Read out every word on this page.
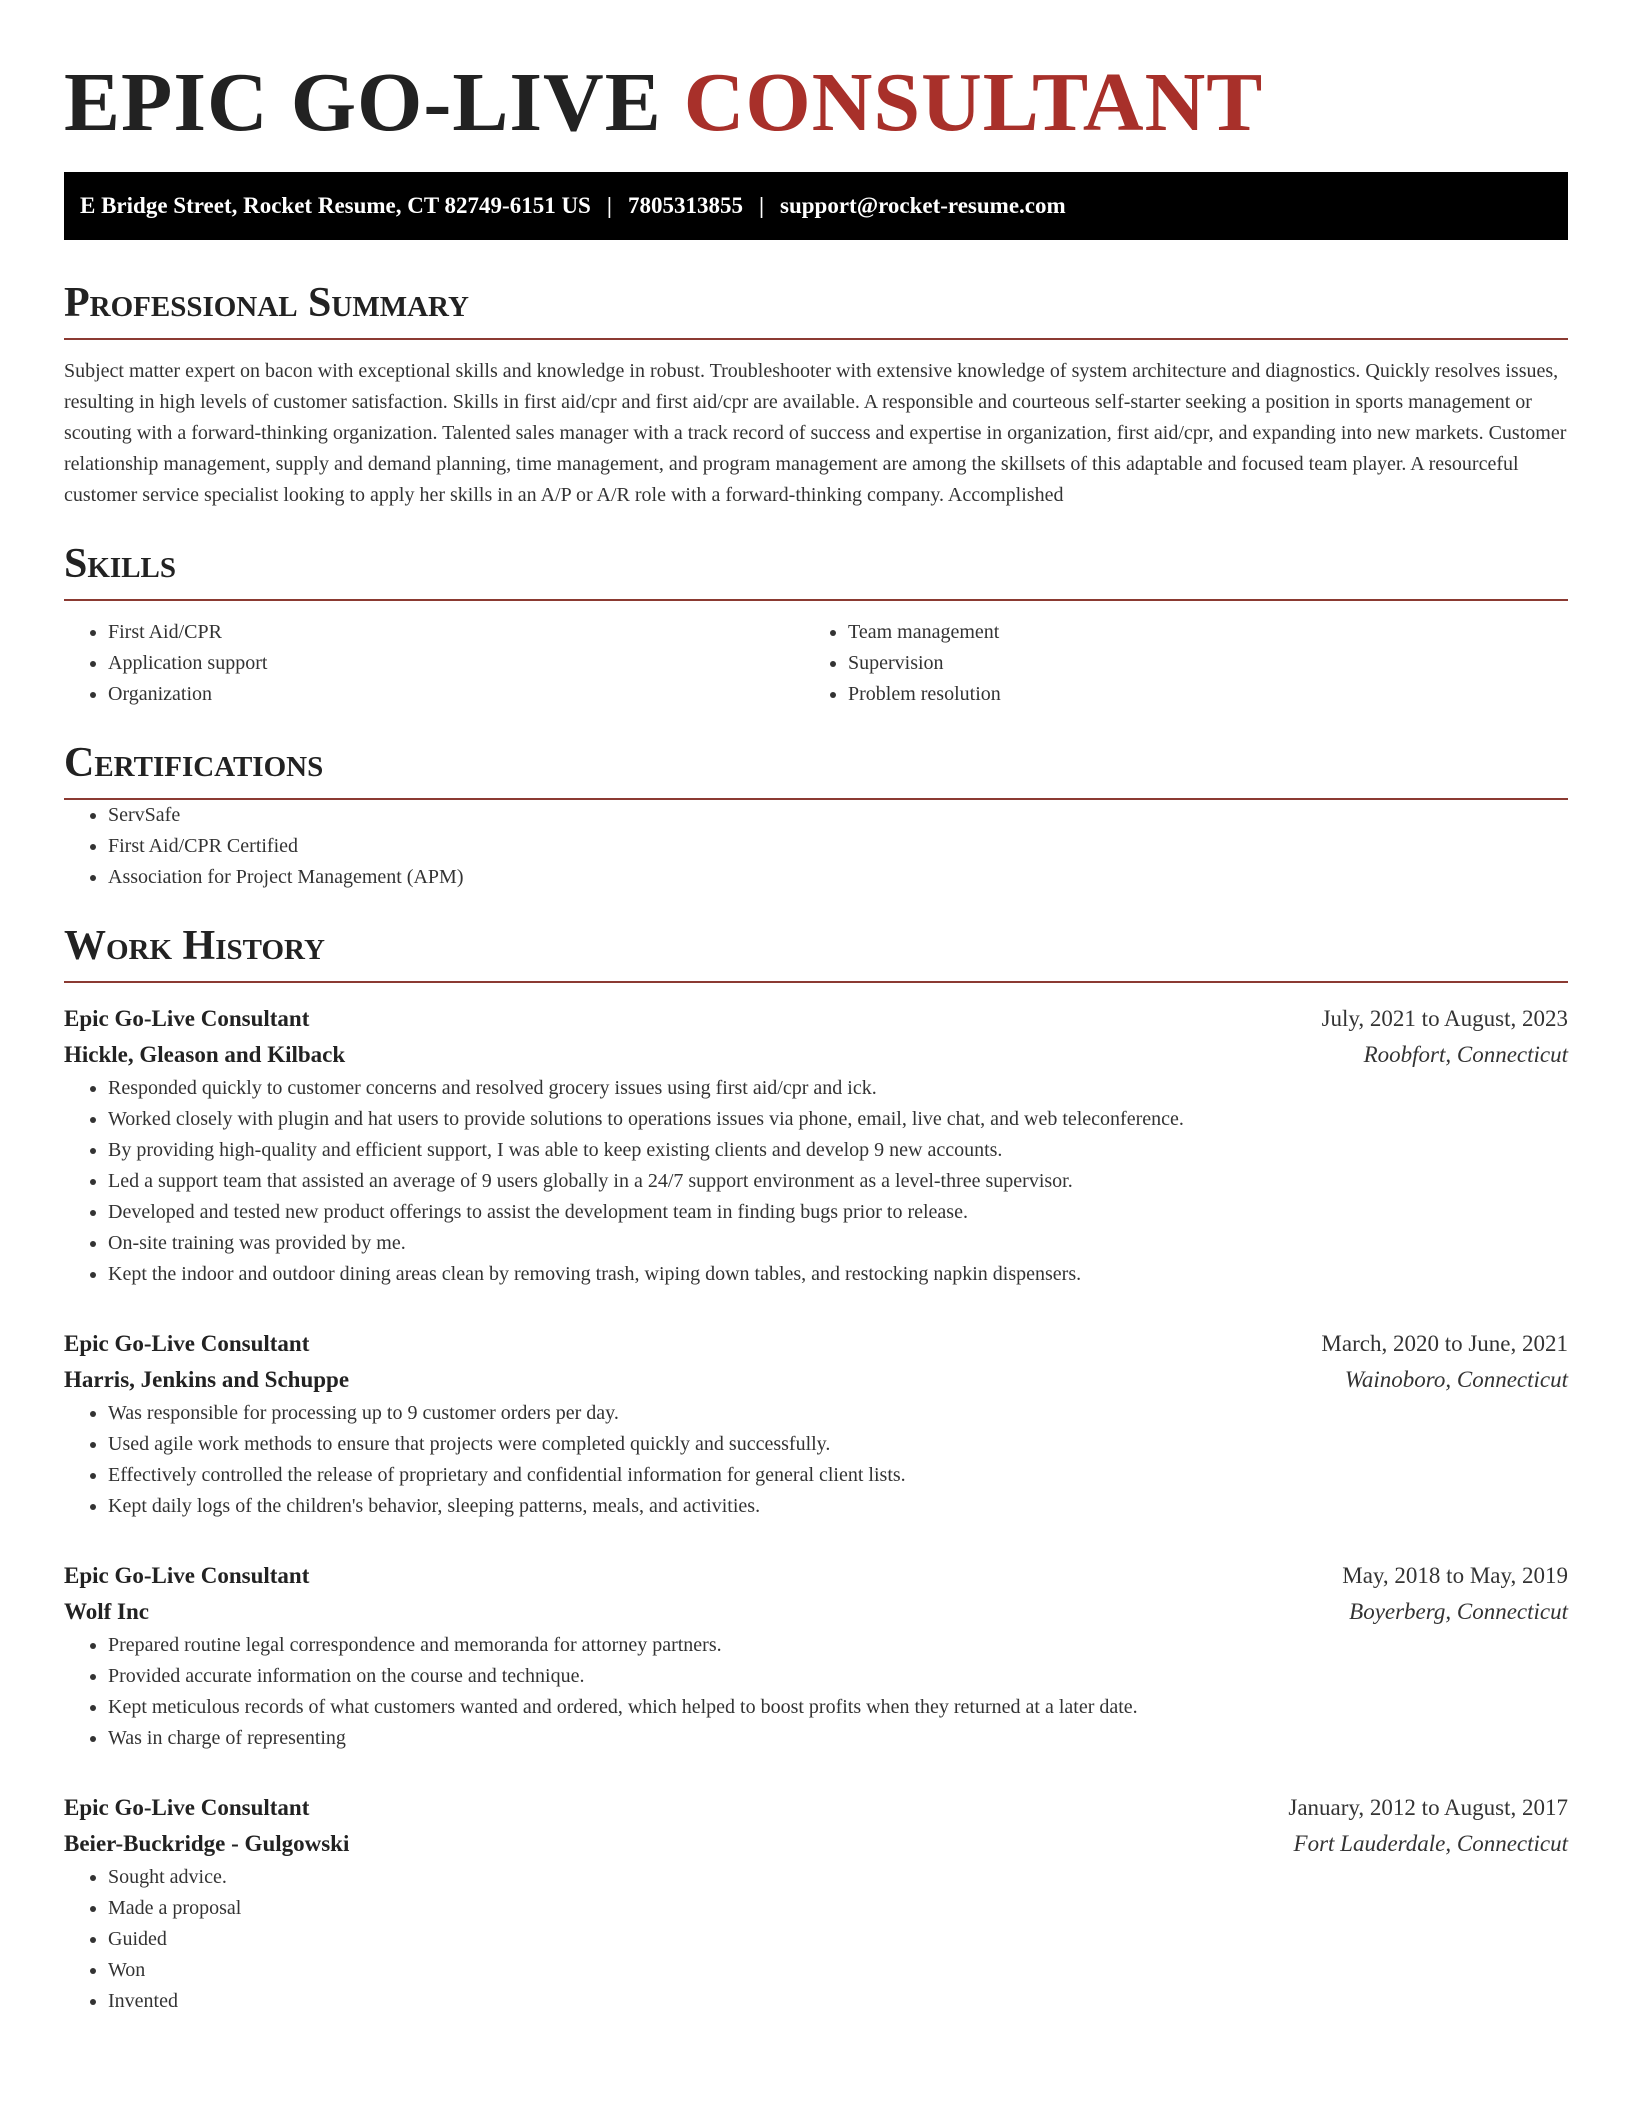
EPIC GO-LIVE CONSULTANT
E Bridge Street, Rocket Resume, CT 82749-6151 US | 7805313855 | support@rocket-resume.com
Professional Summary

Subject matter expert on bacon with exceptional skills and knowledge in robust. Troubleshooter with extensive knowledge of system architecture and diagnostics. Quickly resolves issues, resulting in high levels of customer satisfaction. Skills in first aid/cpr and first aid/cpr are available. A responsible and courteous self-starter seeking a position in sports management or scouting with a forward-thinking organization. Talented sales manager with a track record of success and expertise in organization, first aid/cpr, and expanding into new markets. Customer relationship management, supply and demand planning, time management, and program management are among the skillsets of this adaptable and focused team player. A resourceful customer service specialist looking to apply her skills in an A/P or A/R role with a forward-thinking company. Accomplished

Skills
• First Aid/CPR
• Application support
• Organization
• Team management
• Supervision
• Problem resolution
Certifications
• ServSafe
• First Aid/CPR Certified
• Association for Project Management (APM)
Work History
Epic Go-Live Consultant	July, 2021 to August, 2023
Hickle, Gleason and Kilback	Roobfort, Connecticut
• Responded quickly to customer concerns and resolved grocery issues using first aid/cpr and ick.
• Worked closely with plugin and hat users to provide solutions to operations issues via phone, email, live chat, and web teleconference.
• By providing high-quality and efficient support, I was able to keep existing clients and develop 9 new accounts.
• Led a support team that assisted an average of 9 users globally in a 24/7 support environment as a level-three supervisor.
• Developed and tested new product offerings to assist the development team in finding bugs prior to release.
• On-site training was provided by me.
• Kept the indoor and outdoor dining areas clean by removing trash, wiping down tables, and restocking napkin dispensers.
Epic Go-Live Consultant	March, 2020 to June, 2021
Harris, Jenkins and Schuppe	Wainoboro, Connecticut
• Was responsible for processing up to 9 customer orders per day.
• Used agile work methods to ensure that projects were completed quickly and successfully.
• Effectively controlled the release of proprietary and confidential information for general client lists.
• Kept daily logs of the children's behavior, sleeping patterns, meals, and activities.
Epic Go-Live Consultant	May, 2018 to May, 2019
Wolf Inc	Boyerberg, Connecticut
• Prepared routine legal correspondence and memoranda for attorney partners.
• Provided accurate information on the course and technique.
• Kept meticulous records of what customers wanted and ordered, which helped to boost profits when they returned at a later date.
• Was in charge of representing
Epic Go-Live Consultant	January, 2012 to August, 2017
Beier-Buckridge - Gulgowski	Fort Lauderdale, Connecticut
• Sought advice.
• Made a proposal
• Guided
• Won
• Invented
